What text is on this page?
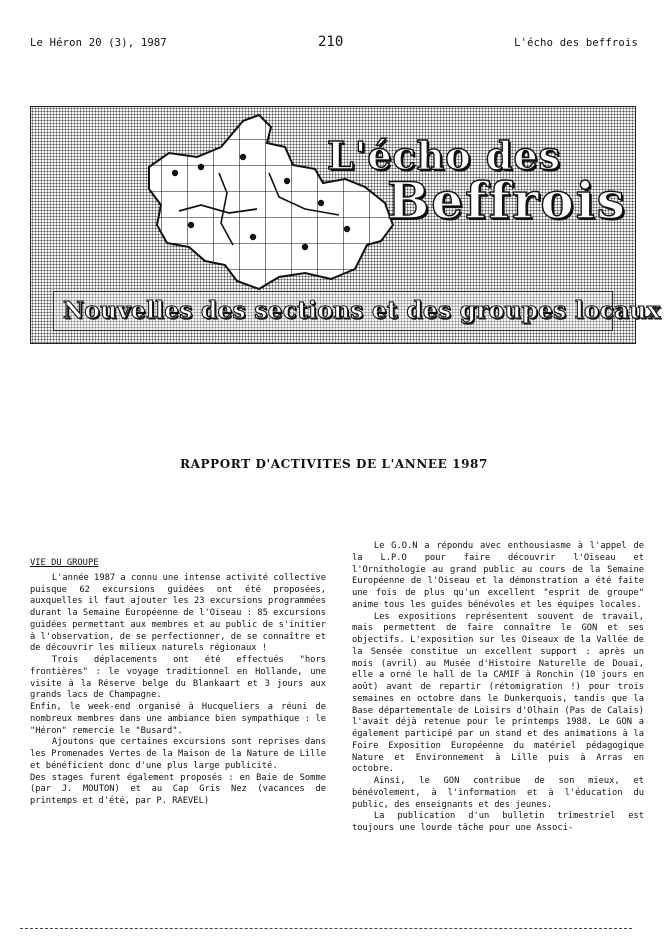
Le Héron 20 (3), 1987	210	L'écho des beffrois
L'écho des
Beffrois
Nouvelles des sections et des groupes locaux
RAPPORT D'ACTIVITES DE L'ANNEE 1987

VIE DU GROUPE

L'année 1987 a connu une intense activité collective puisque 62 excursions guidées ont été proposées, auxquelles il faut ajouter les 23 excursions programmées durant la Semaine Européenne de l'Oiseau : 85 excursions guidées permettant aux membres et au public de s'initier à l'observation, de se perfectionner, de se connaître et de découvrir les milieux naturels régionaux !

Trois déplacements ont été effectués "hors frontières" : le voyage traditionnel en Hollande, une visite à la Réserve belge du Blankaart et 3 jours aux grands lacs de Champagne.

Enfin, le week-end organisé à Hucqueliers a réuni de nombreux membres dans une ambiance bien sympathique : le "Héron" remercie le "Busard".

Ajoutons que certaines excursions sont reprises dans les Promenades Vertes de la Maison de la Nature de Lille et bénéficient donc d'une plus large publicité.

Des stages furent également proposés : en Baie de Somme (par J. MOUTON) et au Cap Gris Nez (vacances de printemps et d'été, par P. RAEVEL)

Le G.O.N a répondu avec enthousiasme à l'appel de la L.P.O pour faire découvrir l'Oiseau et l'Ornithologie au grand public au cours de la Semaine Européenne de l'Oiseau et la démonstration a été faite une fois de plus qu'un excellent "esprit de groupe" anime tous les guides bénévoles et les équipes locales.

Les expositions représentent souvent de travail, mais permettent de faire connaître le GON et ses objectifs. L'exposition sur les Oiseaux de la Vallée de la Sensée constitue un excellent support : après un mois (avril) au Musée d'Histoire Naturelle de Douai, elle a orné le hall de la CAMIF à Ronchin (10 jours en août) avant de repartir (rétomigration !) pour trois semaines en octobre dans le Dunkerquois, tandis que la Base départementale de Loisirs d'Olhain (Pas de Calais) l'avait déjà retenue pour le printemps 1988. Le GON a également participé par un stand et des animations à la Foire Exposition Européenne du matériel pédagogique Nature et Environnement à Lille puis à Arras en octobre.

Ainsi, le GON contribue de son mieux, et bénévolement, à l'information et à l'éducation du public, des enseignants et des jeunes.

La publication d'un bulletin trimestriel est toujours une lourde tâche pour une Associ-
